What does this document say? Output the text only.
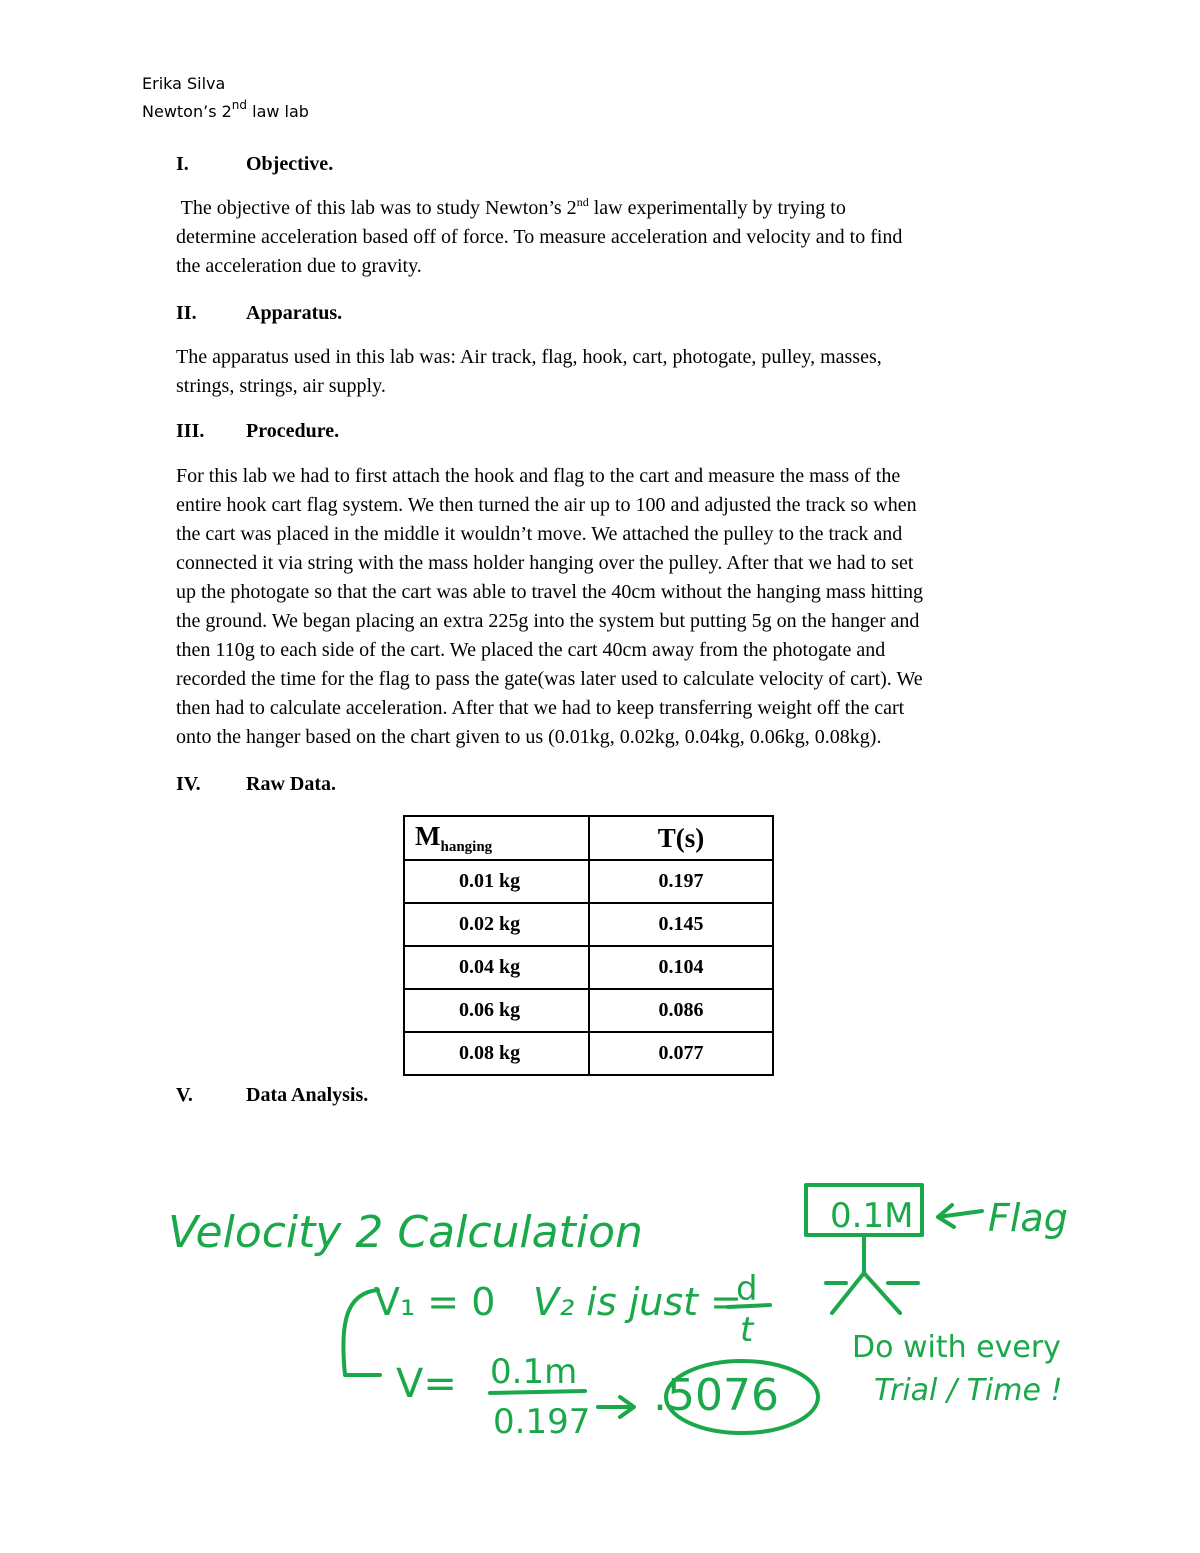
Erika Silva
Newton’s 2nd law lab
I.	Objective.
The objective of this lab was to study Newton’s 2nd law experimentally by trying to
determine acceleration based off of force. To measure acceleration and velocity and to find
the acceleration due to gravity.
II. Apparatus.
The apparatus used in this lab was: Air track, flag, hook, cart, photogate, pulley, masses,
strings, strings, air supply.
III. Procedure.
For this lab we had to first attach the hook and flag to the cart and measure the mass of the
entire hook cart flag system. We then turned the air up to 100 and adjusted the track so when
the cart was placed in the middle it wouldn’t move. We attached the pulley to the track and
connected it via string with the mass holder hanging over the pulley. After that we had to set
up the photogate so that the cart was able to travel the 40cm without the hanging mass hitting
the ground. We began placing an extra 225g into the system but putting 5g on the hanger and
then 110g to each side of the cart. We placed the cart 40cm away from the photogate and
recorded the time for the flag to pass the gate(was later used to calculate velocity of cart). We
then had to calculate acceleration. After that we had to keep transferring weight off the cart
onto the hanger based on the chart given to us (0.01kg, 0.02kg, 0.04kg, 0.06kg, 0.08kg).
IV. Raw Data.
$M_{hanging}$	T(s)
0.01 kg	0.197
0.02 kg	0.145
0.04 kg	0.104
0.06 kg	0.086
0.08 kg	0.077
V.	Data Analysis.
Velocity 2 Calculation
V₁ = 0 V₂ is just =
d
t
V= 0.1m
0.197
.5076
0.1M Flag
Do with every
Trial / Time !
